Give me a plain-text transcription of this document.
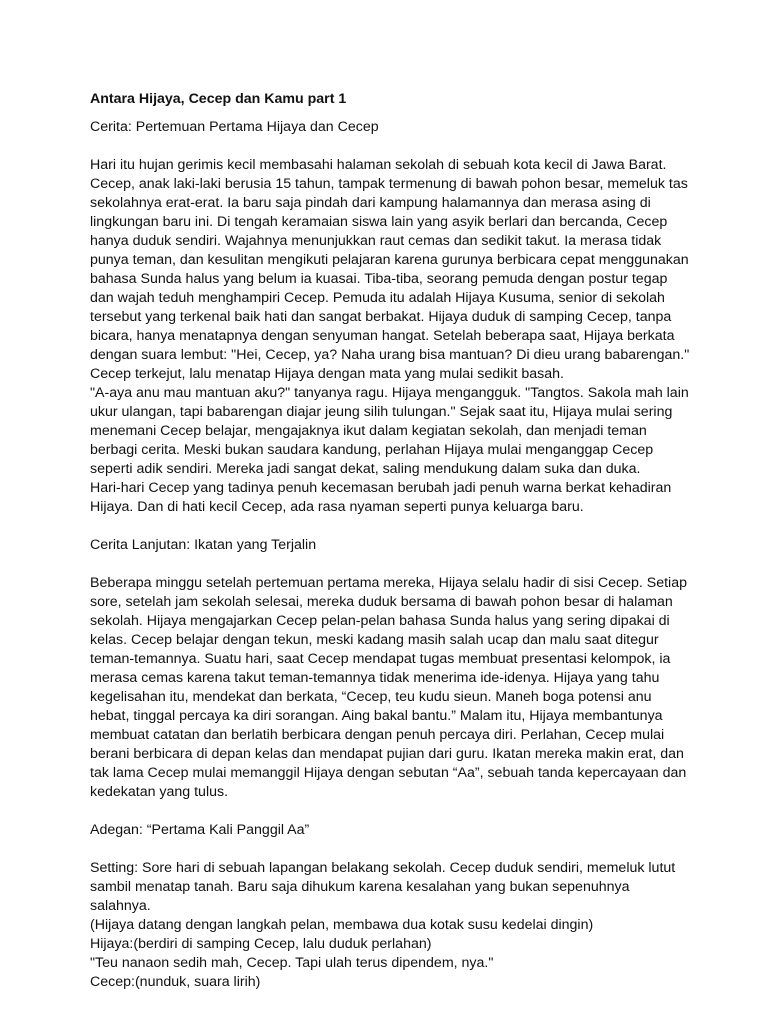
Antara Hijaya, Cecep dan Kamu part 1
Cerita: Pertemuan Pertama Hijaya dan Cecep
Hari itu hujan gerimis kecil membasahi halaman sekolah di sebuah kota kecil di Jawa Barat.
Cecep, anak laki-laki berusia 15 tahun, tampak termenung di bawah pohon besar, memeluk tas
sekolahnya erat-erat. Ia baru saja pindah dari kampung halamannya dan merasa asing di
lingkungan baru ini. Di tengah keramaian siswa lain yang asyik berlari dan bercanda, Cecep
hanya duduk sendiri. Wajahnya menunjukkan raut cemas dan sedikit takut. Ia merasa tidak
punya teman, dan kesulitan mengikuti pelajaran karena gurunya berbicara cepat menggunakan
bahasa Sunda halus yang belum ia kuasai. Tiba-tiba, seorang pemuda dengan postur tegap
dan wajah teduh menghampiri Cecep. Pemuda itu adalah Hijaya Kusuma, senior di sekolah
tersebut yang terkenal baik hati dan sangat berbakat. Hijaya duduk di samping Cecep, tanpa
bicara, hanya menatapnya dengan senyuman hangat. Setelah beberapa saat, Hijaya berkata
dengan suara lembut: "Hei, Cecep, ya? Naha urang bisa mantuan? Di dieu urang babarengan."
Cecep terkejut, lalu menatap Hijaya dengan mata yang mulai sedikit basah.
"A-aya anu mau mantuan aku?" tanyanya ragu. Hijaya mengangguk. "Tangtos. Sakola mah lain
ukur ulangan, tapi babarengan diajar jeung silih tulungan." Sejak saat itu, Hijaya mulai sering
menemani Cecep belajar, mengajaknya ikut dalam kegiatan sekolah, dan menjadi teman
berbagi cerita. Meski bukan saudara kandung, perlahan Hijaya mulai menganggap Cecep
seperti adik sendiri. Mereka jadi sangat dekat, saling mendukung dalam suka dan duka.
Hari-hari Cecep yang tadinya penuh kecemasan berubah jadi penuh warna berkat kehadiran
Hijaya. Dan di hati kecil Cecep, ada rasa nyaman seperti punya keluarga baru.
Cerita Lanjutan: Ikatan yang Terjalin
Beberapa minggu setelah pertemuan pertama mereka, Hijaya selalu hadir di sisi Cecep. Setiap
sore, setelah jam sekolah selesai, mereka duduk bersama di bawah pohon besar di halaman
sekolah. Hijaya mengajarkan Cecep pelan-pelan bahasa Sunda halus yang sering dipakai di
kelas. Cecep belajar dengan tekun, meski kadang masih salah ucap dan malu saat ditegur
teman-temannya. Suatu hari, saat Cecep mendapat tugas membuat presentasi kelompok, ia
merasa cemas karena takut teman-temannya tidak menerima ide-idenya. Hijaya yang tahu
kegelisahan itu, mendekat dan berkata, “Cecep, teu kudu sieun. Maneh boga potensi anu
hebat, tinggal percaya ka diri sorangan. Aing bakal bantu.” Malam itu, Hijaya membantunya
membuat catatan dan berlatih berbicara dengan penuh percaya diri. Perlahan, Cecep mulai
berani berbicara di depan kelas dan mendapat pujian dari guru. Ikatan mereka makin erat, dan
tak lama Cecep mulai memanggil Hijaya dengan sebutan “Aa”, sebuah tanda kepercayaan dan
kedekatan yang tulus.
Adegan: “Pertama Kali Panggil Aa”
Setting: Sore hari di sebuah lapangan belakang sekolah. Cecep duduk sendiri, memeluk lutut
sambil menatap tanah. Baru saja dihukum karena kesalahan yang bukan sepenuhnya
salahnya.
(Hijaya datang dengan langkah pelan, membawa dua kotak susu kedelai dingin)
Hijaya:(berdiri di samping Cecep, lalu duduk perlahan)
"Teu nanaon sedih mah, Cecep. Tapi ulah terus dipendem, nya."
Cecep:(nunduk, suara lirih)
